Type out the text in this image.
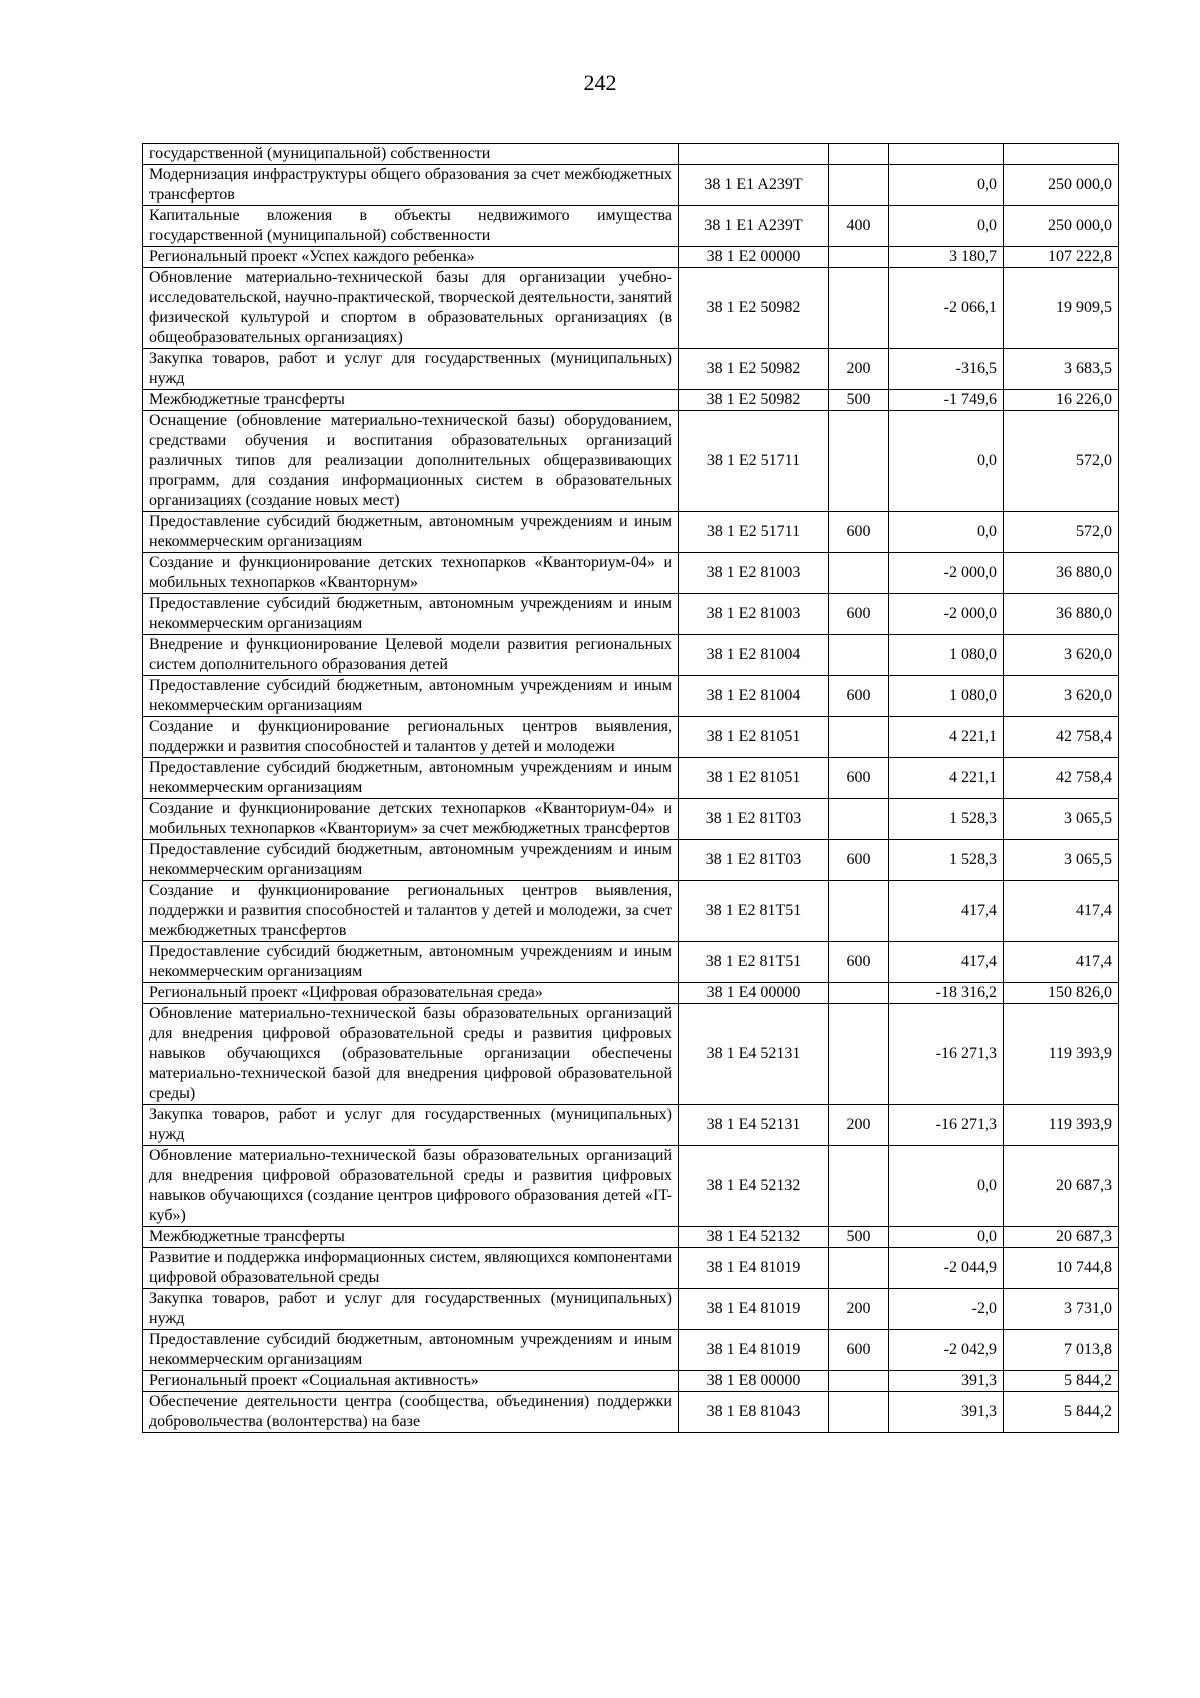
242
государственной (муниципальной) собственности				
Модернизация инфраструктуры общего образования за счет межбюджетных трансфертов	38 1 E1 A239T		0,0	250 000,0
Капитальные вложения в объекты недвижимого имущества государственной (муниципальной) собственности	38 1 E1 A239T	400	0,0	250 000,0
Региональный проект «Успех каждого ребенка»	38 1 E2 00000		3 180,7	107 222,8
Обновление материально-технической базы для организации учебно-исследовательской, научно-практической, творческой деятельности, занятий физической культурой и спортом в образовательных организациях (в общеобразовательных организациях)	38 1 E2 50982		-2 066,1	19 909,5
Закупка товаров, работ и услуг для государственных (муниципальных) нужд	38 1 E2 50982	200	-316,5	3 683,5
Межбюджетные трансферты	38 1 E2 50982	500	-1 749,6	16 226,0
Оснащение (обновление материально-технической базы) оборудованием, средствами обучения и воспитания образовательных организаций различных типов для реализации дополнительных общеразвивающих программ, для создания информационных систем в образовательных организациях (создание новых мест)	38 1 E2 51711		0,0	572,0
Предоставление субсидий бюджетным, автономным учреждениям и иным некоммерческим организациям	38 1 E2 51711	600	0,0	572,0
Создание и функционирование детских технопарков «Кванториум-04» и мобильных технопарков «Кванторнум»	38 1 E2 81003		-2 000,0	36 880,0
Предоставление субсидий бюджетным, автономным учреждениям и иным некоммерческим организациям	38 1 E2 81003	600	-2 000,0	36 880,0
Внедрение и функционирование Целевой модели развития региональных систем дополнительного образования детей	38 1 E2 81004		1 080,0	3 620,0
Предоставление субсидий бюджетным, автономным учреждениям и иным некоммерческим организациям	38 1 E2 81004	600	1 080,0	3 620,0
Создание и функционирование региональных центров выявления, поддержки и развития способностей и талантов у детей и молодежи	38 1 E2 81051		4 221,1	42 758,4
Предоставление субсидий бюджетным, автономным учреждениям и иным некоммерческим организациям	38 1 E2 81051	600	4 221,1	42 758,4
Создание и функционирование детских технопарков «Кванториум-04» и мобильных технопарков «Кванториум» за счет межбюджетных трансфертов	38 1 E2 81T03		1 528,3	3 065,5
Предоставление субсидий бюджетным, автономным учреждениям и иным некоммерческим организациям	38 1 E2 81T03	600	1 528,3	3 065,5
Создание и функционирование региональных центров выявления, поддержки и развития способностей и талантов у детей и молодежи, за счет межбюджетных трансфертов	38 1 E2 81T51		417,4	417,4
Предоставление субсидий бюджетным, автономным учреждениям и иным некоммерческим организациям	38 1 E2 81T51	600	417,4	417,4
Региональный проект «Цифровая образовательная среда»	38 1 E4 00000		-18 316,2	150 826,0
Обновление материально-технической базы образовательных организаций для внедрения цифровой образовательной среды и развития цифровых навыков обучающихся (образовательные организации обеспечены материально-технической базой для внедрения цифровой образовательной среды)	38 1 E4 52131		-16 271,3	119 393,9
Закупка товаров, работ и услуг для государственных (муниципальных) нужд	38 1 E4 52131	200	-16 271,3	119 393,9
Обновление материально-технической базы образовательных организаций для внедрения цифровой образовательной среды и развития цифровых навыков обучающихся (создание центров цифрового образования детей «IT-куб»)	38 1 E4 52132		0,0	20 687,3
Межбюджетные трансферты	38 1 E4 52132	500	0,0	20 687,3
Развитие и поддержка информационных систем, являющихся компонентами цифровой образовательной среды	38 1 E4 81019		-2 044,9	10 744,8
Закупка товаров, работ и услуг для государственных (муниципальных) нужд	38 1 E4 81019	200	-2,0	3 731,0
Предоставление субсидий бюджетным, автономным учреждениям и иным некоммерческим организациям	38 1 E4 81019	600	-2 042,9	7 013,8
Региональный проект «Социальная активность»	38 1 E8 00000		391,3	5 844,2
Обеспечение деятельности центра (сообщества, объединения) поддержки добровольчества (волонтерства) на базе	38 1 E8 81043		391,3	5 844,2
